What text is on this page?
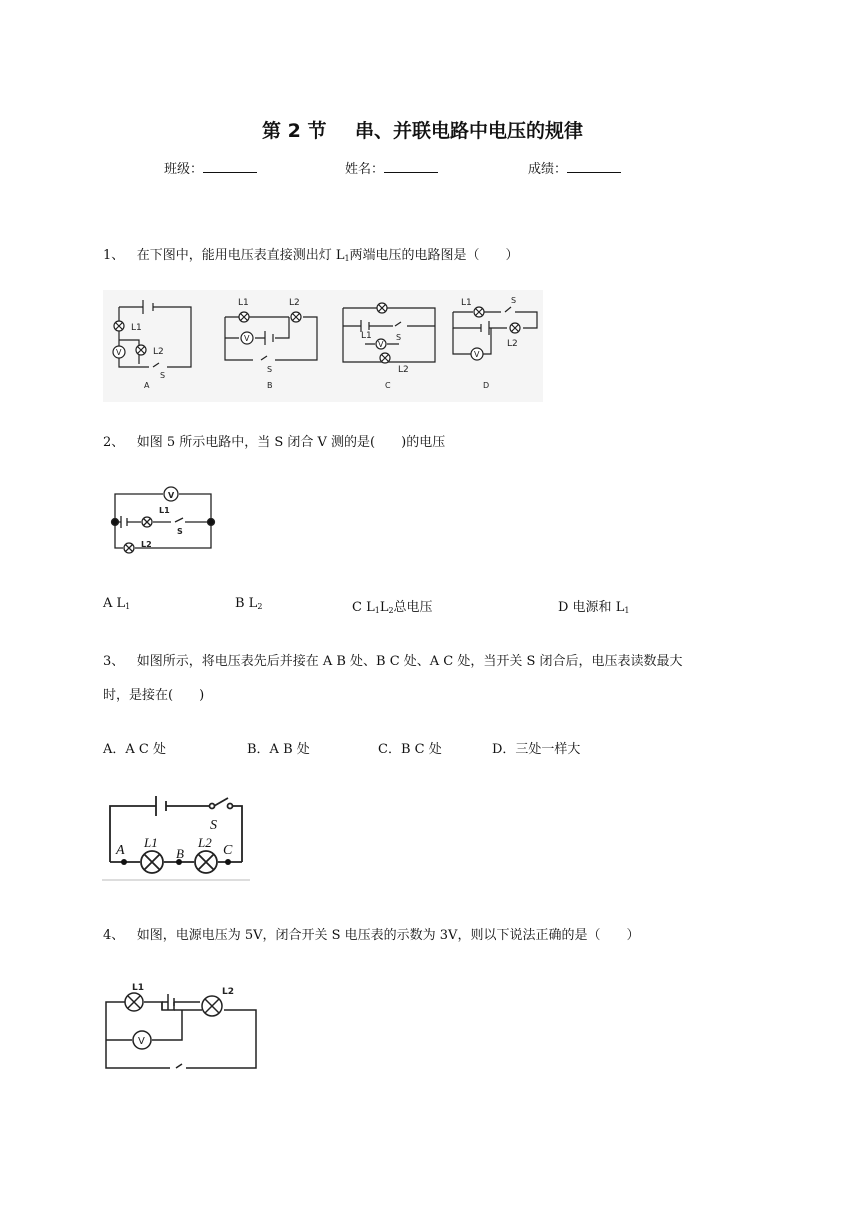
第 2 节 串、并联电路中电压的规律
班级：	姓名：	成绩：
1、 在下图中，能用电压表直接测出灯 $L_1$两端电压的电路图是（　　）
L1
V	L2
S
A
L1	L2
V
S
B
L1
V
S
L2
C
L1	S
L2
V
D
2、 如图 5 所示电路中，当 S 闭合 V 测的是(　　)的电压
V
L1
S
L2
A $L_1$	B $L_2$	C $L_1L_2$总电压	D 电源和 $L_1$
3、 如图所示，将电压表先后并接在 A B 处、B C 处、A C 处，当开关 S 闭合后，电压表读数最大
时，是接在(　　)
A．A C 处	B．A B 处	C．B C 处	D．三处一样大
S
A
L1
B
L2
C
4、 如图，电源电压为 5V，闭合开关 S 电压表的示数为 3V，则以下说法正确的是（　　）
L1	L2
V
